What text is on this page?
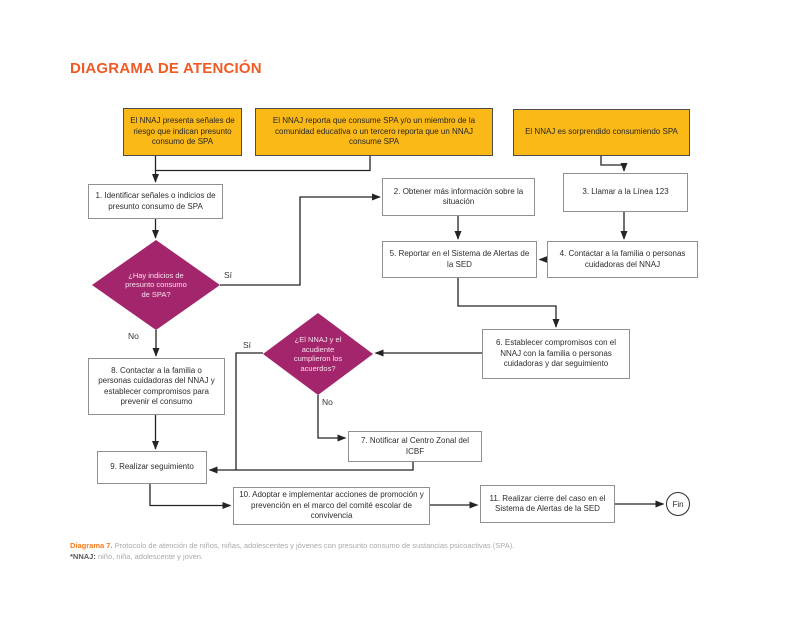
DIAGRAMA DE ATENCIÓN
El NNAJ presenta señales de riesgo que indican presunto consumo de SPA
El NNAJ reporta que consume SPA y/o un miembro de la comunidad educativa o un tercero reporta que un NNAJ consume SPA
El NNAJ es sorprendido consumiendo SPA
1. Identificar señales o indicios de presunto consumo de SPA
2. Obtener más información sobre la situación
3. Llamar a la Línea 123
5. Reportar en el Sistema de Alertas de la SED
4. Contactar a la familia o personas cuidadoras del NNAJ
6. Establecer compromisos con el NNAJ con la familia o personas cuidadoras y dar seguimiento
8. Contactar a la familia o personas cuidadoras del NNAJ y establecer compromisos para prevenir el consumo
7. Notificar al Centro Zonal del ICBF
9. Realizar seguimiento
10. Adoptar e implementar acciones de promoción y prevención en el marco del comité escolar de convivencia
11. Realizar cierre del caso en el Sistema de Alertas de la SED
¿Hay indicios de presunto consumo de SPA?
¿El NNAJ y el acudiente cumplieron los acuerdos?
Sí
No
Sí
No
Fin
Diagrama 7. Protocolo de atención de niños, niñas, adolescentes y jóvenes con presunto consumo de sustancias psicoactivas (SPA).
*NNAJ: niño, niña, adolescente y joven.
